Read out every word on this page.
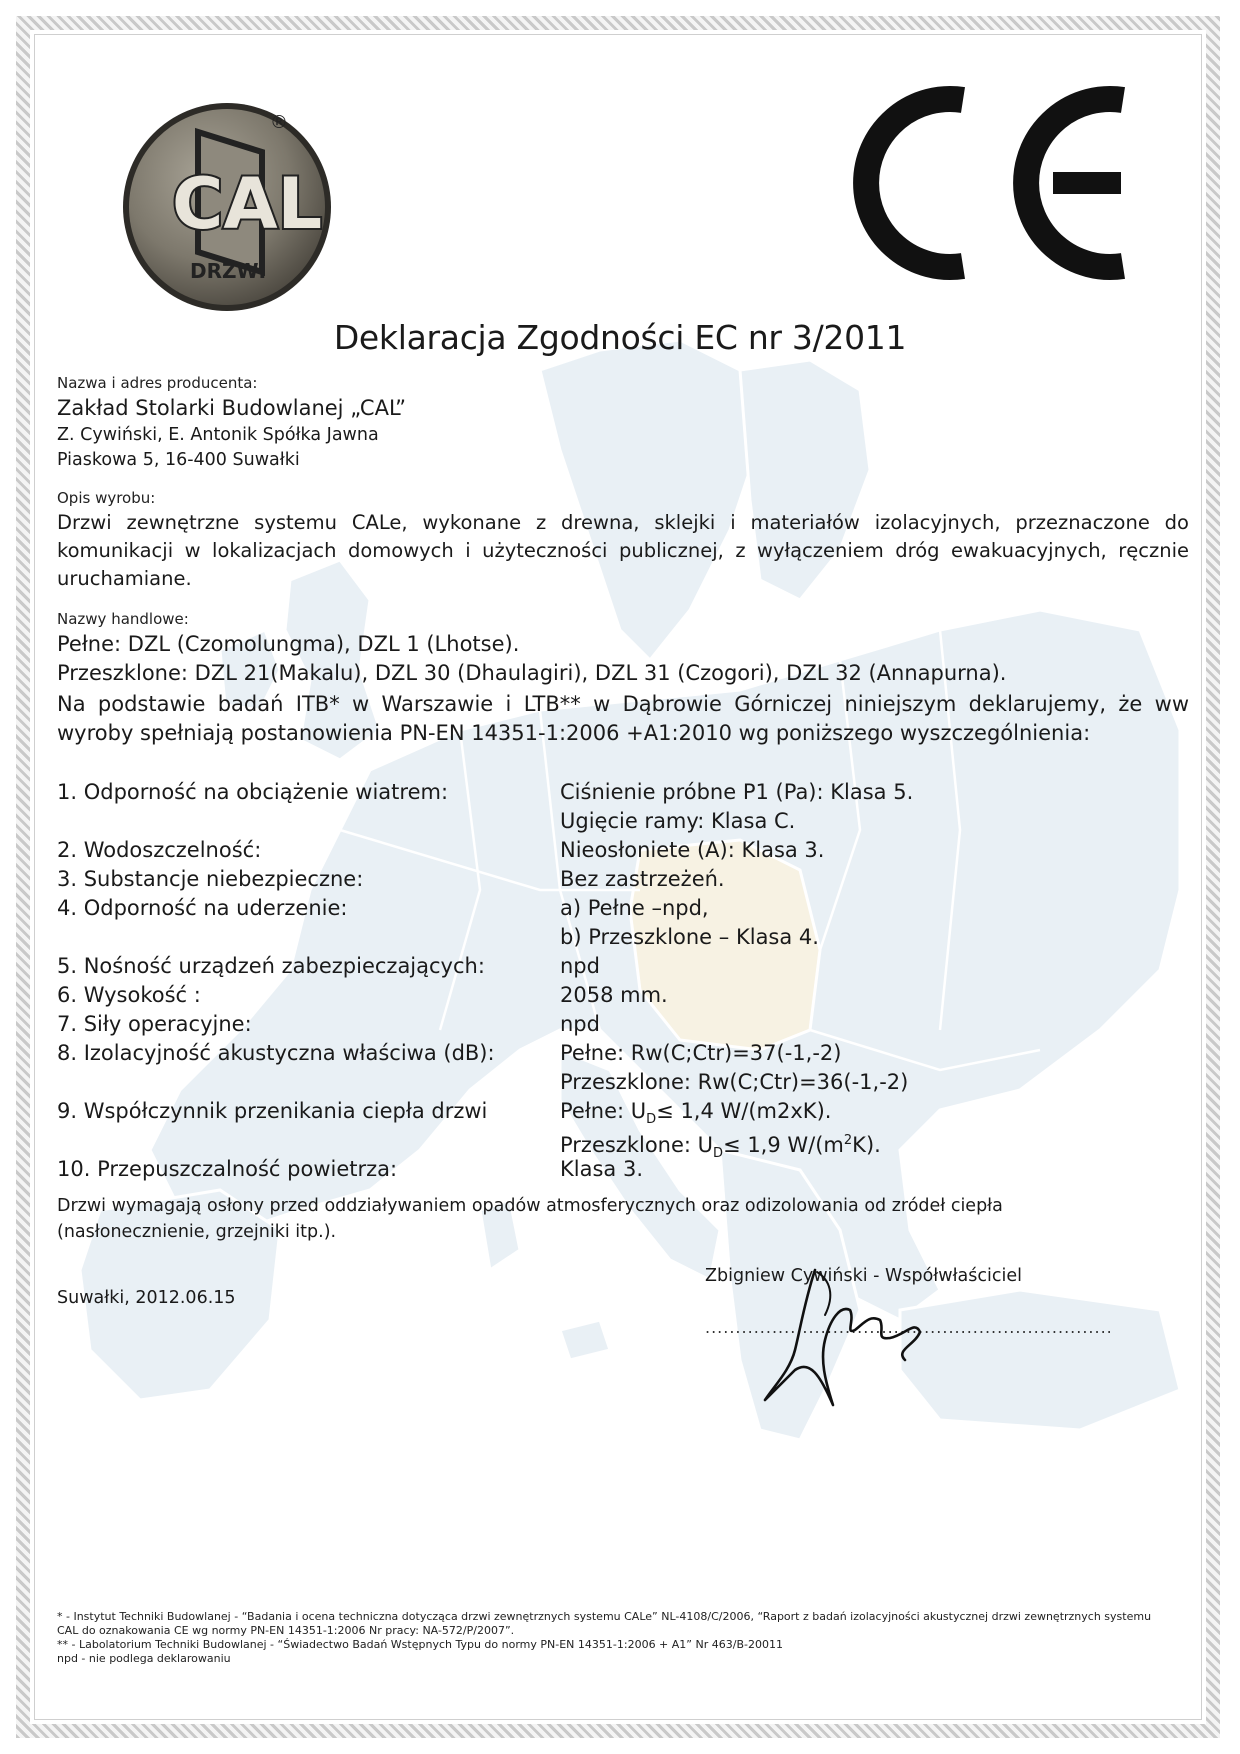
CAL
DRZWI
®
Deklaracja Zgodności EC nr 3/2011
Nazwa i adres producenta:
Zakład Stolarki Budowlanej „CAL”
Z. Cywiński, E. Antonik Spółka Jawna
Piaskowa 5, 16-400 Suwałki
Opis wyrobu:
Drzwi zewnętrzne systemu CALe, wykonane z drewna, sklejki i materiałów izolacyjnych, przeznaczone do komunikacji w lokalizacjach domowych i użyteczności publicznej, z wyłączeniem dróg ewakuacyjnych, ręcznie uruchamiane.
Nazwy handlowe:
Pełne: DZL (Czomolungma), DZL 1 (Lhotse).
Przeszklone: DZL 21(Makalu), DZL 30 (Dhaulagiri), DZL 31 (Czogori), DZL 32 (Annapurna).
Na podstawie badań ITB* w Warszawie i LTB** w Dąbrowie Górniczej niniejszym deklarujemy, że ww wyroby spełniają postanowienia PN-EN 14351-1:2006 +A1:2010 wg poniższego wyszczególnienia:
1. Odporność na obciążenie wiatrem:	Ciśnienie próbne P1 (Pa): Klasa 5.
Ugięcie ramy: Klasa C.
2. Wodoszczelność:	Nieosłoniete (A): Klasa 3.
3. Substancje niebezpieczne:	Bez zastrzeżeń.
4. Odporność na uderzenie:	a) Pełne –npd,
b) Przeszklone – Klasa 4.
5. Nośność urządzeń zabezpieczających:	npd
6. Wysokość :	2058 mm.
7. Siły operacyjne:	npd
8. Izolacyjność akustyczna właściwa (dB):	Pełne: Rw(C;Ctr)=37(-1,-2)
Przeszklone: Rw(C;Ctr)=36(-1,-2)
9. Współczynnik przenikania ciepła drzwi	Pełne: $U_D\le 1,4$ W/(m2xK).
Przeszklone: $U_D\le 1,9$ $W/(m^2K)$.
10. Przepuszczalność powietrza:	Klasa 3.
Drzwi wymagają osłony przed oddziaływaniem opadów atmosferycznych oraz odizolowania od zródeł ciepła (nasłonecznienie, grzejniki itp.).
Suwałki, 2012.06.15
Zbigniew Cywiński - Współwłaściciel
...................................................................
* - Instytut Techniki Budowlanej - “Badania i ocena techniczna dotycząca drzwi zewnętrznych systemu CALe” NL-4108/C/2006, “Raport z badań izolacyjności akustycznej drzwi zewnętrznych systemu CAL do oznakowania CE wg normy PN-EN 14351-1:2006 Nr pracy: NA-572/P/2007”.
** - Labolatorium Techniki Budowlanej - “Świadectwo Badań Wstępnych Typu do normy PN-EN 14351-1:2006 + A1” Nr 463/B-20011
npd - nie podlega deklarowaniu
